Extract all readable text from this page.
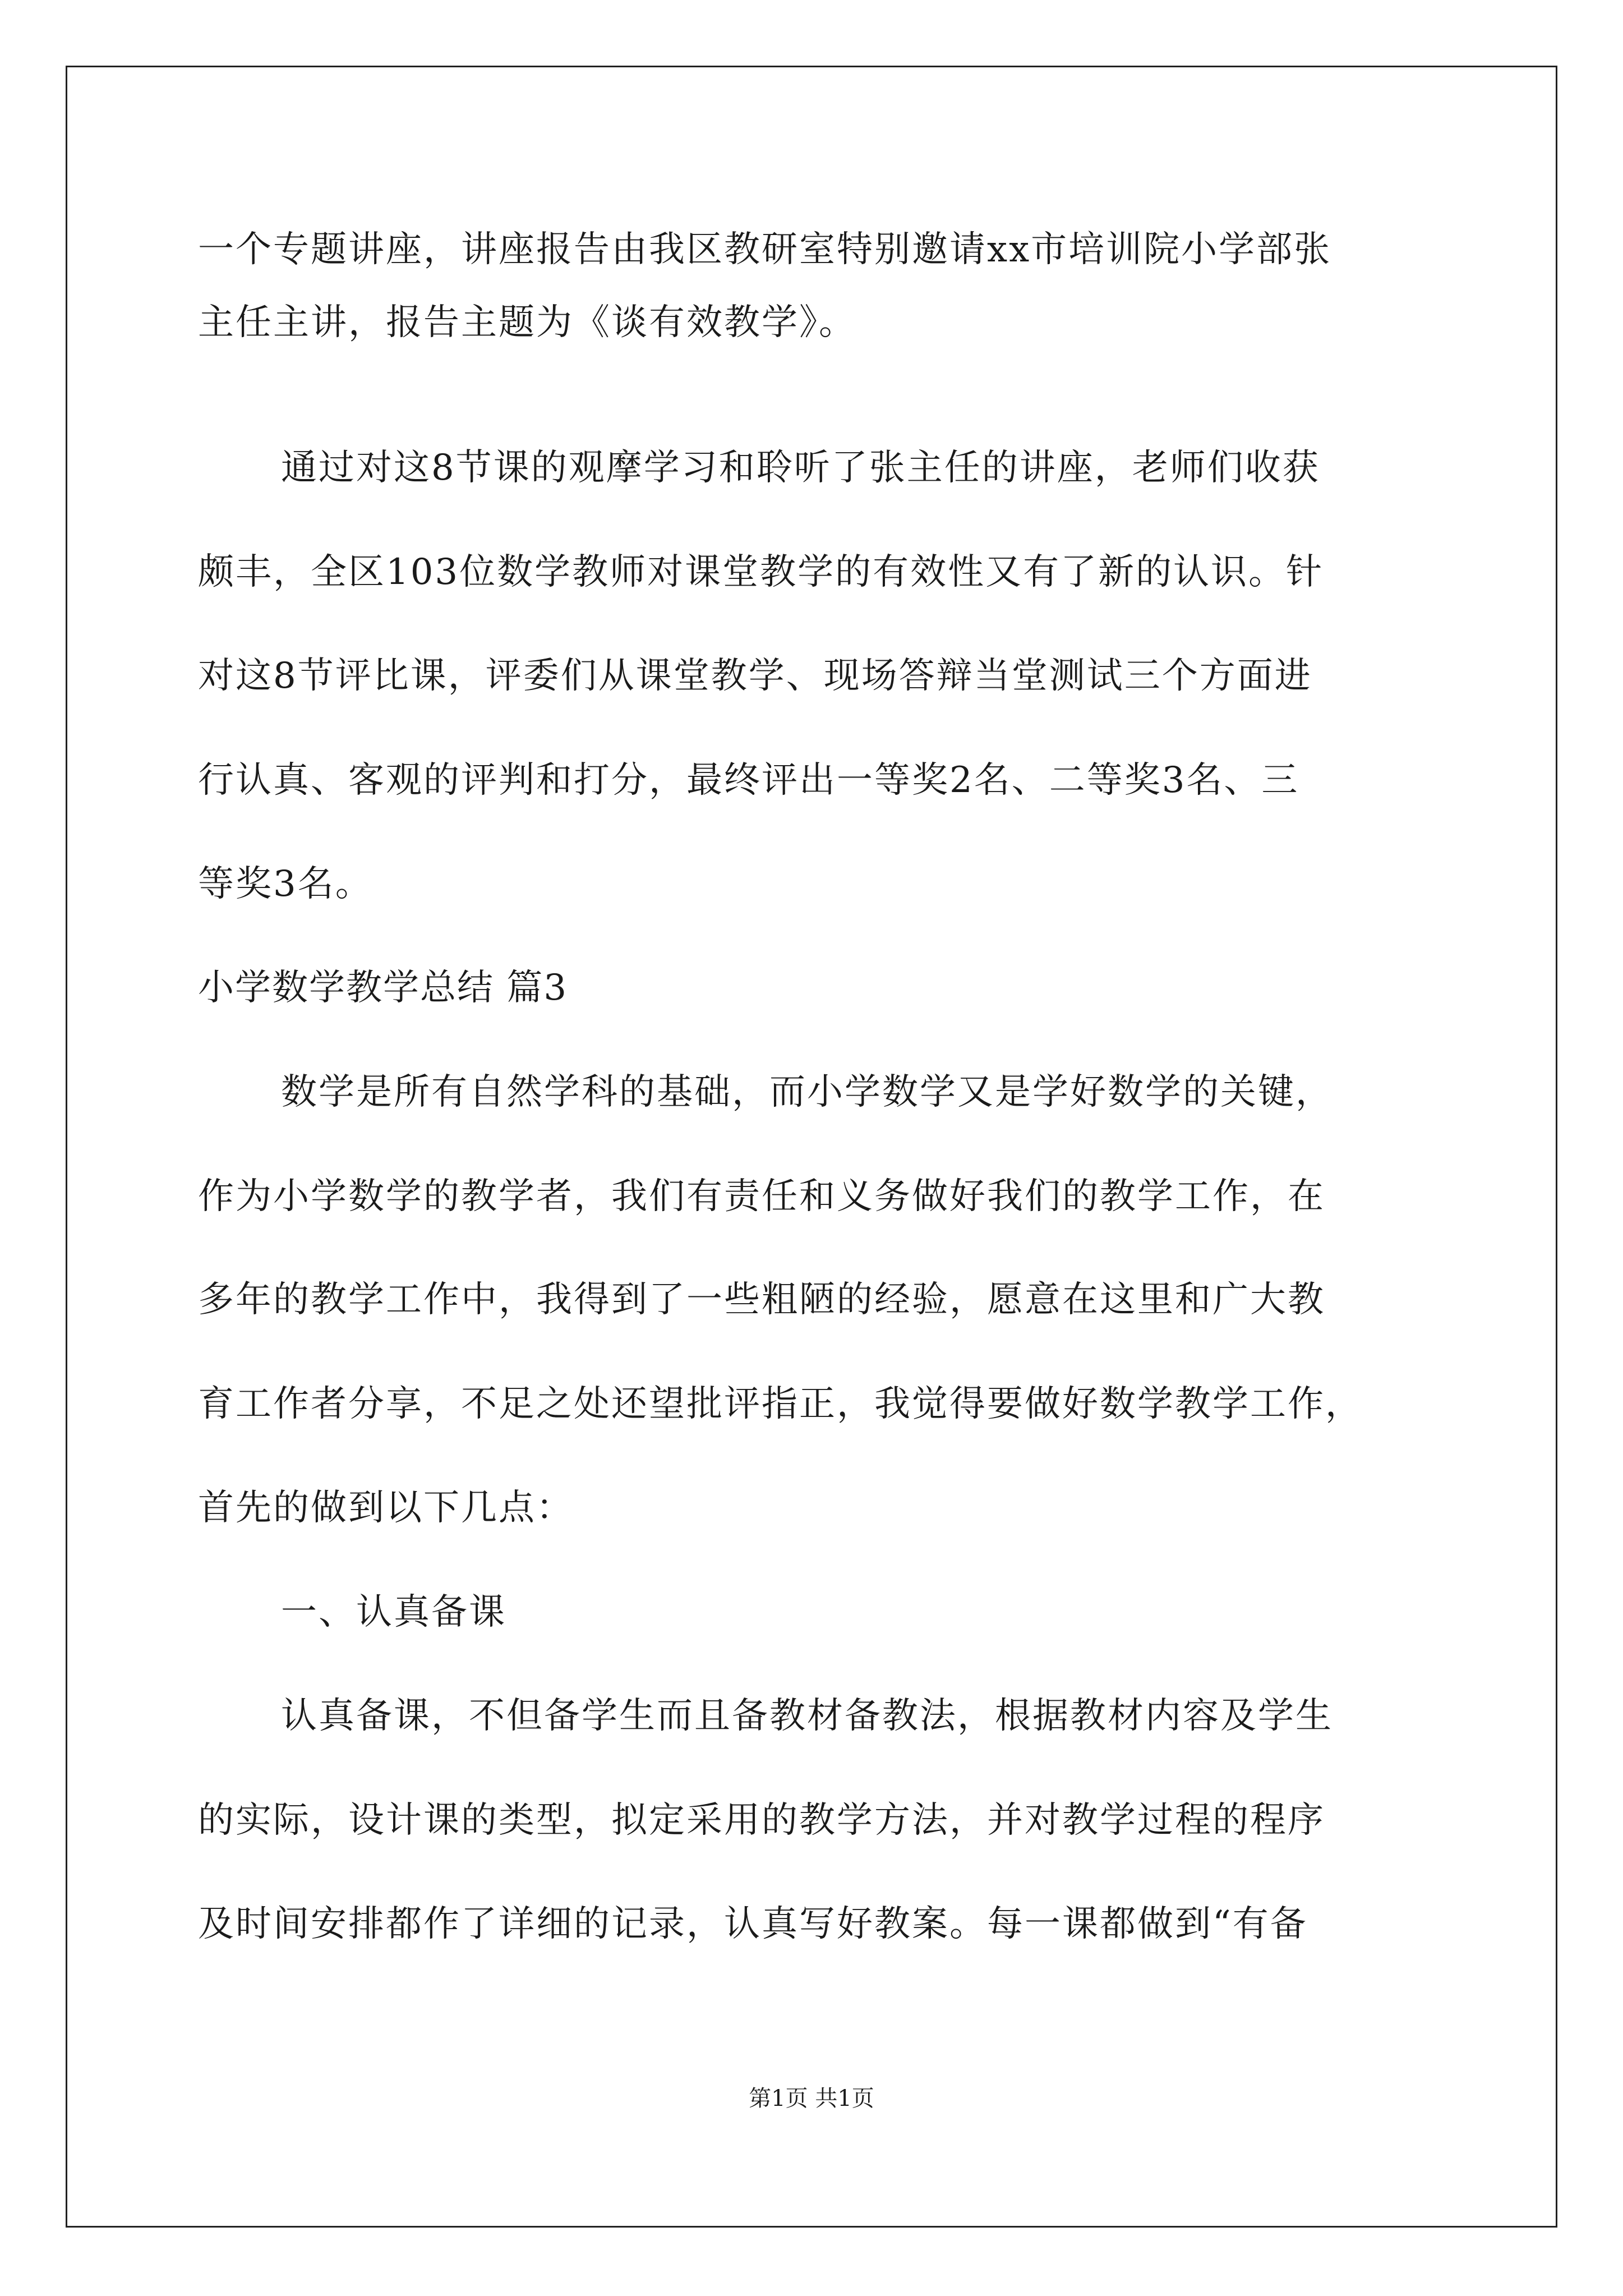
一个专题讲座，讲座报告由我区教研室特别邀请xx市培训院小学部张
主任主讲，报告主题为《谈有效教学》。
通过对这8节课的观摩学习和聆听了张主任的讲座，老师们收获
颇丰，全区103位数学教师对课堂教学的有效性又有了新的认识。针
对这8节评比课，评委们从课堂教学、现场答辩当堂测试三个方面进
行认真、客观的评判和打分，最终评出一等奖2名、二等奖3名、三
等奖3名。
小学数学教学总结 篇3
数学是所有自然学科的基础，而小学数学又是学好数学的关键，
作为小学数学的教学者，我们有责任和义务做好我们的教学工作，在
多年的教学工作中，我得到了一些粗陋的经验，愿意在这里和广大教
育工作者分享，不足之处还望批评指正，我觉得要做好数学教学工作，
首先的做到以下几点：
一、认真备课
认真备课，不但备学生而且备教材备教法，根据教材内容及学生
的实际，设计课的类型，拟定采用的教学方法，并对教学过程的程序
及时间安排都作了详细的记录，认真写好教案。每一课都做到“有备
第1页 共1页
